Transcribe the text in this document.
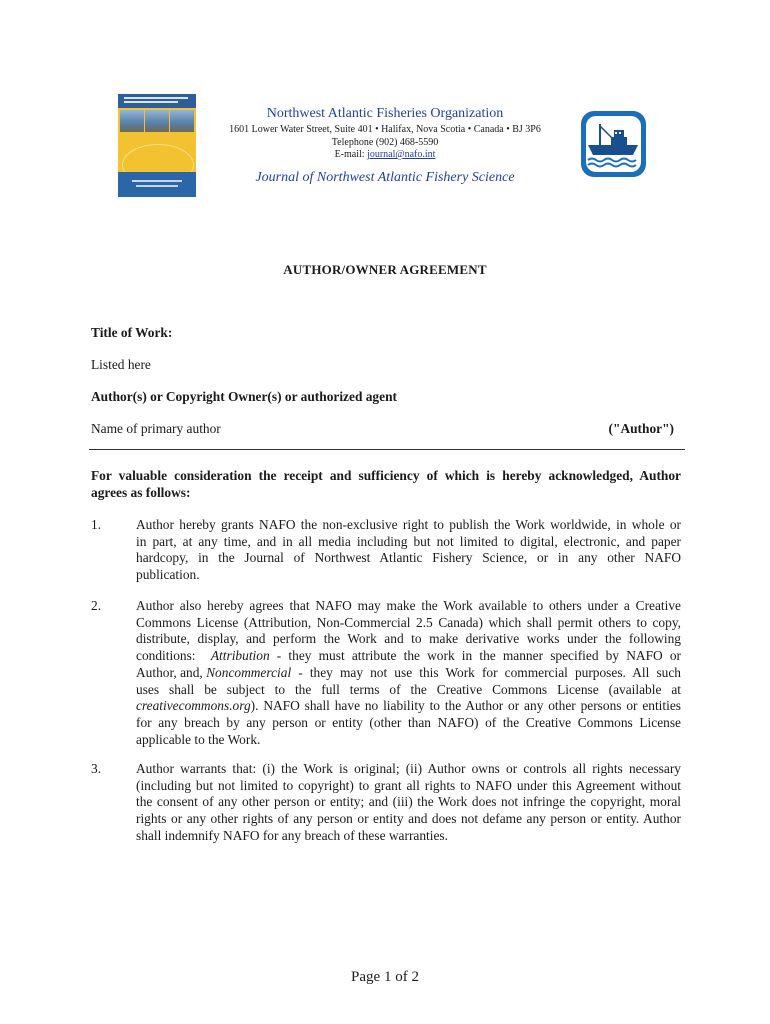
Northwest Atlantic Fisheries Organization
1601 Lower Water Street, Suite 401 • Halifax, Nova Scotia • Canada • BJ 3P6
Telephone (902) 468-5590
E-mail: journal@nafo.int
Journal of Northwest Atlantic Fishery Science
AUTHOR/OWNER AGREEMENT
Title of Work:
Listed here
Author(s) or Copyright Owner(s) or authorized agent
Name of primary author	("Author")
For valuable consideration the receipt and sufficiency of which is hereby acknowledged, Author
agrees as follows:
1.	Author hereby grants NAFO the non-exclusive right to publish the Work worldwide, in whole or
in part, at any time, and in all media including but not limited to digital, electronic, and paper
hardcopy, in the Journal of Northwest Atlantic Fishery Science, or in any other NAFO
publication.
2.	Author also hereby agrees that NAFO may make the Work available to others under a Creative
Commons License (Attribution, Non-Commercial 2.5 Canada) which shall permit others to copy,
distribute, display, and perform the Work and to make derivative works under the following
conditions: Attribution - they must attribute the work in the manner specified by NAFO or
Author, and, Noncommercial - they may not use this Work for commercial purposes. All such
uses shall be subject to the full terms of the Creative Commons License (available at
creativecommons.org ). NAFO shall have no liability to the Author or any other persons or entities
for any breach by any person or entity (other than NAFO) of the Creative Commons License
applicable to the Work.
3.	Author warrants that: (i) the Work is original; (ii) Author owns or controls all rights necessary
(including but not limited to copyright) to grant all rights to NAFO under this Agreement without
the consent of any other person or entity; and (iii) the Work does not infringe the copyright, moral
rights or any other rights of any person or entity and does not defame any person or entity. Author
shall indemnify NAFO for any breach of these warranties.
Page 1 of 2
